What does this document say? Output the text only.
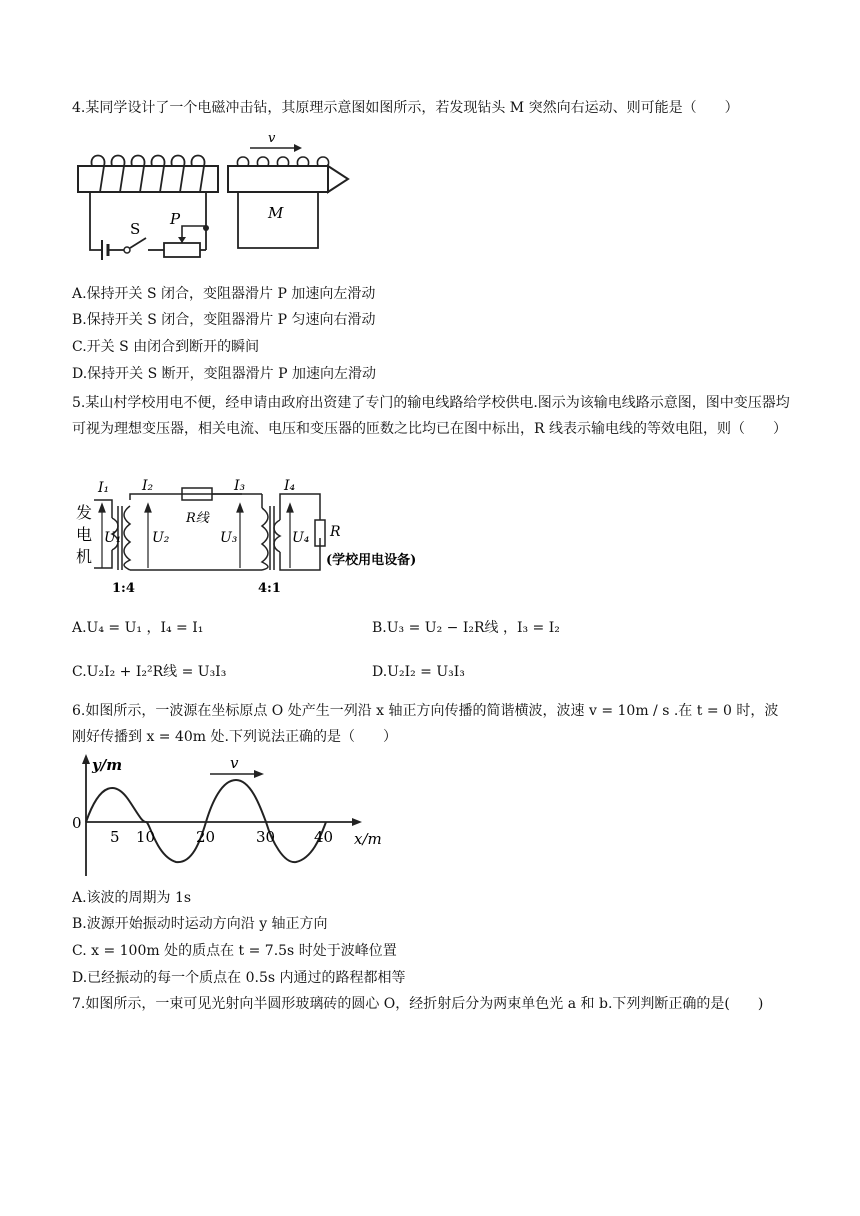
4.某同学设计了一个电磁冲击钻，其原理示意图如图所示，若发现钻头 M 突然向右运动、则可能是（　　）
v
M
S
P
A.保持开关 S 闭合，变阻器滑片 P 加速向左滑动
B.保持开关 S 闭合，变阻器滑片 P 匀速向右滑动
C.开关 S 由闭合到断开的瞬间
D.保持开关 S 断开，变阻器滑片 P 加速向左滑动
5.某山村学校用电不便，经申请由政府出资建了专门的输电线路给学校供电.图示为该输电线路示意图，图中变压器均可视为理想变压器，相关电流、电压和变压器的匝数之比均已在图中标出，R 线表示输电线的等效电阻，则（　　）
发 电 机
I₁ I₂	I₃	I₄
U₁ U₂	U₃	U₄
R线
R
(学校用电设备)
1:4	4:1
A.U₄ = U₁ ，I₄ = I₁	B.U₃ = U₂ − I₂R线 ，I₃ = I₂
C.U₂I₂ + I₂²R线 = U₃I₃	D.U₂I₂ = U₃I₃
6.如图所示，一波源在坐标原点 O 处产生一列沿 x 轴正方向传播的简谐横波，波速 v = 10m / s .在 t = 0 时，波刚好传播到 x = 40m 处.下列说法正确的是（　　）
y/m
x/m
0
v
5 10	20	30	40
A.该波的周期为 1s
B.波源开始振动时运动方向沿 y 轴正方向
C. x = 100m 处的质点在 t = 7.5s 时处于波峰位置
D.已经振动的每一个质点在 0.5s 内通过的路程都相等
7.如图所示，一束可见光射向半圆形玻璃砖的圆心 O，经折射后分为两束单色光 a 和 b.下列判断正确的是(　　)
